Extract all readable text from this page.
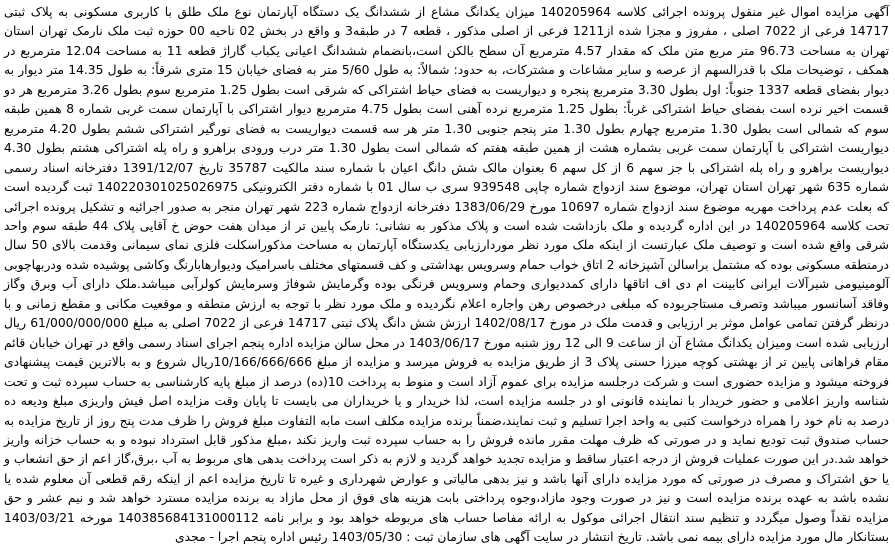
آگهی مزایده اموال غیر منقول پرونده اجرائی کلاسه 140205964 میزان یکدانگ مشاع از ششدانگ یک دستگاه آپارتمان نوع ملک طلق با کاربری مسکونی به پلاک ثبتی 14717 فرعی از 7022 اصلی ، مفروز و مجزا شده از1211 فرعی از اصلی مذکور ، قطعه 7 در طبقه3 و واقع در بخش 02 ناحیه 00 حوزه ثبت ملک نارمک تهران استان تهران به مساحت 96.73 متر مربع متن ملک که مقدار 4.57 مترمربع آن سطح بالکن است،بانضمام ششدانگ اعیانی یکباب گاراژ قطعه 11 به مساحت 12.04 مترمربع در همکف ، توضیحات ملک با قدرالسهم از عرصه و سایر مشاعات و مشترکات، به حدود: شمالاً: به طول 5/60 متر به فضای خیابان 15 متری شرقاً: به طول 14.35 متر دیوار به دیوار بفضای قطعه 1337 جنوباً: اول بطول 3.30 مترمربع پنجره و دیواریست به فضای حیاط اشتراکی که شرقی است بطول 1.25 مترمربع سوم بطول 3.26 مترمربع هر دو قسمت اخیر نرده است بفضای حیاط اشتراکی غرباً: بطول 1.25 مترمربع نرده آهنی است بطول 4.75 مترمربع دیوار اشتراکی با آپارتمان سمت غربی شماره 8 همین طبقه سوم که شمالی است بطول 1.30 مترمربع چهارم بطول 1.30 متر پنجم جنوبی 1.30 متر هر سه قسمت دیواریست به فضای نورگیر اشتراکی ششم بطول 4.20 مترمربع دیواریست اشتراکی با آپارتمان سمت غربی بشماره هشت از همین طبقه هفتم که شمالی است بطول 1.30 متر درب ورودی براهرو و راه پله اشتراکی هشتم بطول 4.30 دیواریست براهرو و راه پله اشتراکی با جز سهم 6 از کل سهم 6 بعنوان مالک شش دانگ اعیان با شماره سند مالکیت 35787 تاریخ 1391/12/07 دفترخانه اسناد رسمی شماره 635 شهر تهران استان تهران، موضوع سند ازدواج شماره چاپی 939548 سری ب سال 01 با شماره دفتر الکترونیکی 140220301025026975 ثبت گردیده است که بعلت عدم پرداخت مهریه موضوع سند ازدواج شماره 10697 مورخ 1383/06/29 دفترخانه ازدواج شماره 223 شهر تهران منجر به صدور اجرائیه و تشکیل پرونده اجرائی تحت کلاسه 140205964 در این اداره گردیده و ملک بازداشت شده است و پلاک مذکور به نشانی: نارمک پایین تر از میدان هفت حوض خ آقایی پلاک 44 طبقه سوم واحد شرقی واقع شده است و توصیف ملک عبارتست از اینکه ملک مورد نظر موردارزیابی یکدستگاه آپارتمان به مساحت مذکوراسکلت فلزی نمای سیمانی وقدمت بالای 50 سال درمنطقه مسکونی بوده که مشتمل براسالن آشپزخانه 2 اتاق خواب حمام وسرویس بهداشتی و کف قسمتهای مختلف باسرامیک ودیوارهابارنگ وکاشی پوشیده شده ودربهاچوبی آلومینیومی شیرآلات ایرانی کابینت ام دی اف اتاقها دارای کمددیواری وحمام وسرویس فرنگی بوده وگرمایش شوفاژ وسرمایش کولرآبی میباشد.ملک دارای آب وبرق وگاز وفاقد آسانسور میباشد وتصرف مستاجربوده که مبلغی درخصوص رهن واجاره اعلام نگردیده و ملک مورد نظر با توجه به ارزش منطقه و موقعیت مکانی و مقطع زمانی و با درنظر گرفتن تمامی عوامل موثر بر ارزیابی و قدمت ملک در مورخ 1402/08/17 ارزش شش دانگ پلاک ثبتی 14717 فرعی از 7022 اصلی به مبلغ 61/000/000/000 ریال ارزیابی شده است ومیزان یکدانگ مشاع آن از ساعت 9 الی 12 روز شنبه مورخ 1403/06/17 در محل سالن مزایده اداره پنجم اجرای اسناد رسمی واقع در تهران خیابان قائم مقام فراهانی پایین تر از بهشتی کوچه میرزا حسنی پلاک 3 از طریق مزایده به فروش میرسد و مزایده از مبلغ 10/166/666/666ریال شروع و به بالاترین قیمت پیشنهادی فروخته میشود و مزایده حضوری است و شرکت درجلسه مزایده برای عموم آزاد است و منوط به پرداخت 10(ده) درصد از مبلغ پایه کارشناسی به حساب سپرده ثبت و تحت شناسه واریز اعلامی و حضور خریدار با نماینده قانونی او در جلسه مزایده است، لذا خریدار و یا خریداران می بایست تا پایان وقت مزایده اصل فیش واریزی مبلغ ودیعه ده درصد به نام خود را همراه درخواست کتبی به واحد اجرا تسلیم و ثبت نمایند،ضمناً برنده مزایده مکلف است مابه التفاوت مبلغ فروش را ظرف مدت پنج روز از تاریخ مزایده به حساب صندوق ثبت تودیع نماید و در صورتی که ظرف مهلت مقرر مانده فروش را به حساب سپرده ثبت واریز نکند ،مبلغ مذکور قابل استرداد نبوده و به حساب خزانه واریز خواهد شد.در این صورت عملیات فروش از درجه اعتبار ساقط و مزایده تجدید خواهد گردید و لازم به ذکر است پرداخت بدهی های مربوط به آب ،برق،گاز اعم از حق انشعاب و یا حق اشتراک و مصرف در صورتی که مورد مزایده دارای آنها باشد و نیز بدهی مالیاتی و عوارض شهرداری و غیره تا تاریخ مزایده اعم از اینکه رقم قطعی آن معلوم شده یا نشده باشد به عهده برنده مزایده است و نیز در صورت وجود مازاد،وجوه پرداختی بابت هزینه های فوق از محل مازاد به برنده مزایده مسترد خواهد شد و نیم عشر و حق مزایده نقداً وصول میگردد و تنظیم سند انتقال اجرائی موکول به ارائه مفاصا حساب های مربوطه خواهد بود و برابر نامه 140385684131000112 مورخه 1403/03/21 بستانکار مال مورد مزایده دارای بیمه نمی باشد. تاریخ انتشار در سایت آگهی های سازمان ثبت : 1403/05/30 رئیس اداره پنجم اجرا - مجدی
